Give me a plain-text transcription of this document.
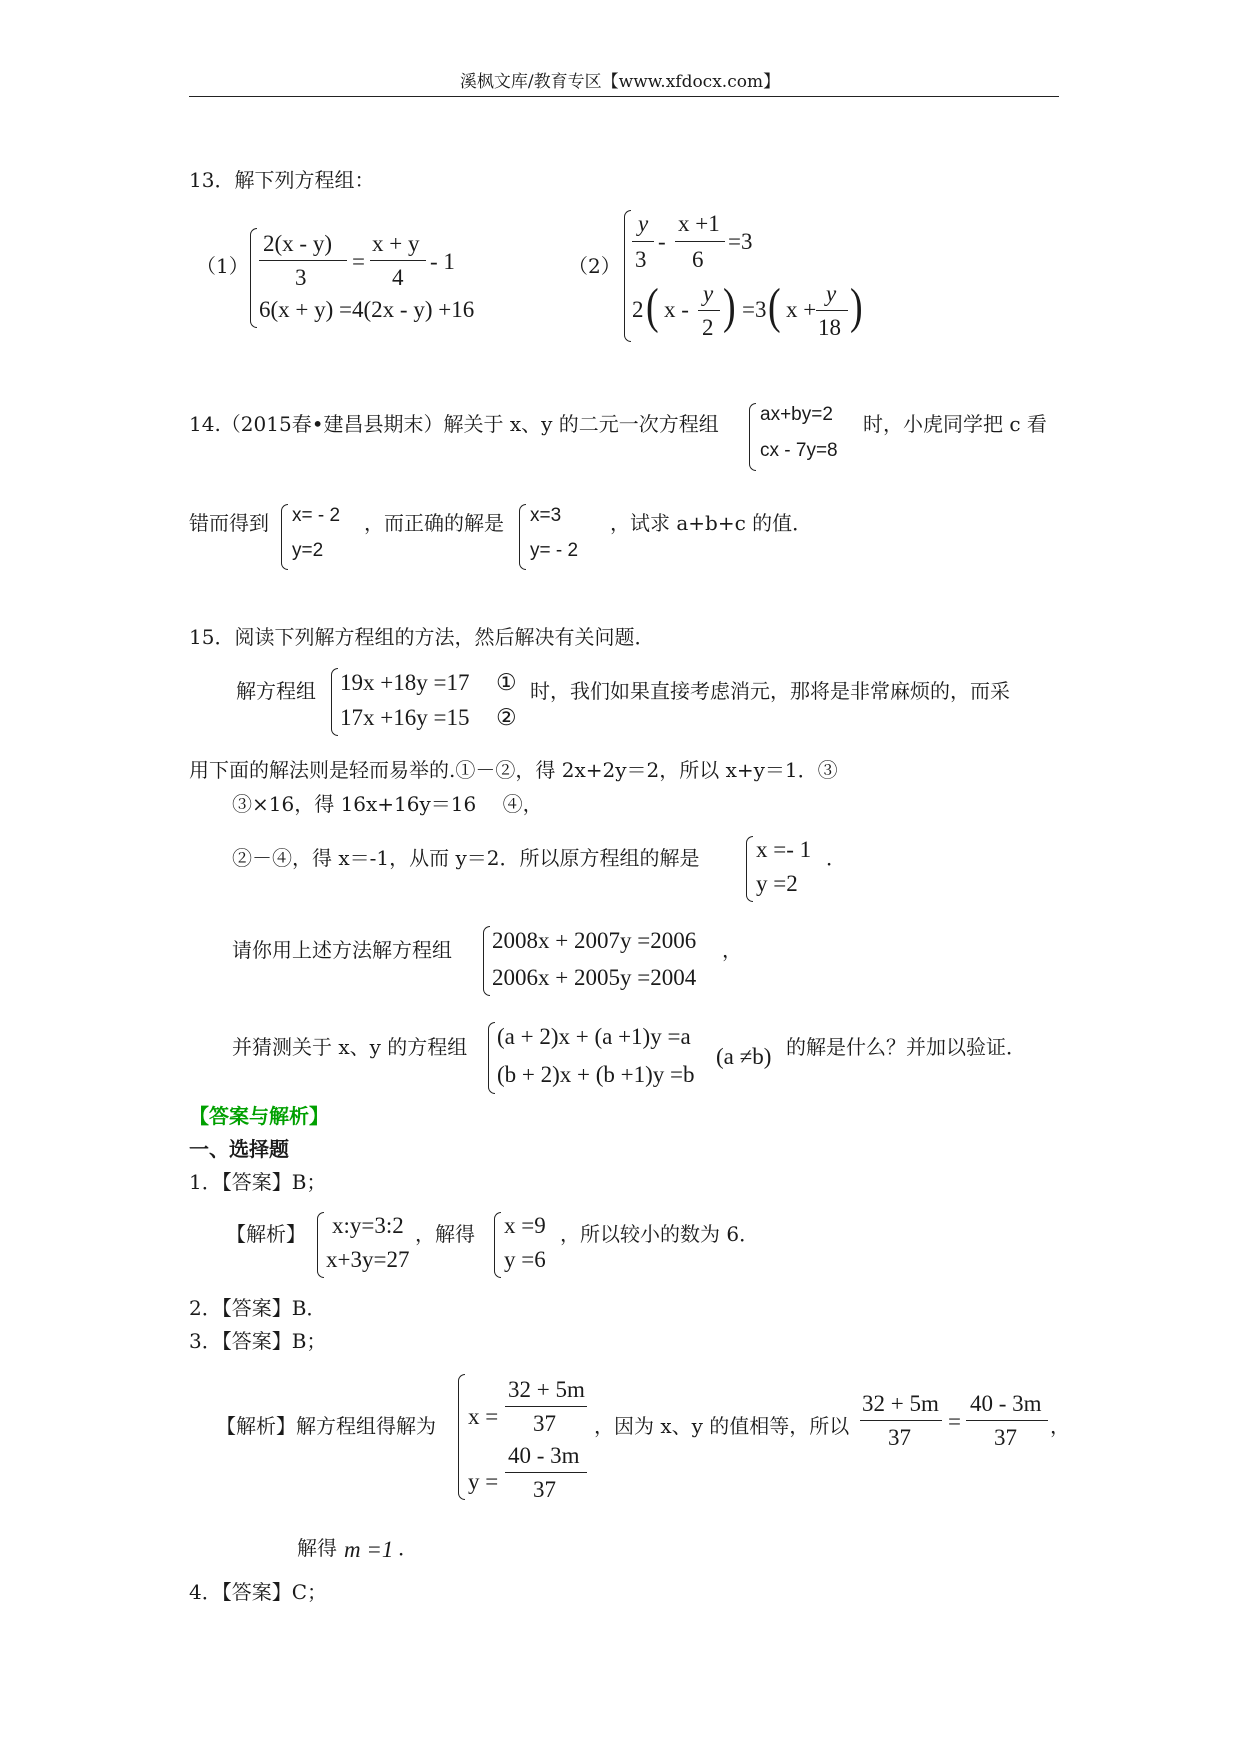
溪枫文库/教育专区【www.xfdocx.com】
13．解下列方程组：
（1）
2(x - y)
3
=
x + y
4
- 1
6(x + y) =4(2x - y) +16
（2）
y
3
-
x +1
6
=3
2 ( x -
y
2 ) =3 ( x +
y
18 )
14.（2015春•建昌县期末）解关于 x、y 的二元一次方程组 ax+by=2
cx - 7y=8
时，小虎同学把 c 看
错而得到 x= - 2
y=2
，而正确的解是 x=3
y= - 2
，试求 a+b+c 的值．
15．阅读下列解方程组的方法，然后解决有关问题．
解方程组 19x +18y =17 ①
17x +16y =15 ②
时，我们如果直接考虑消元，那将是非常麻烦的，而采
用下面的解法则是轻而易举的.①－②，得 2x+2y＝2，所以 x+y＝1．③
③×16，得 16x+16y＝16　 ④，
②－④，得 x＝-1，从而 y＝2．所以原方程组的解是 x =- 1
y =2
．
请你用上述方法解方程组 2008x + 2007y =2006
2006x + 2005y =2004
，
并猜测关于 x、y 的方程组 (a + 2)x + (a +1)y =a
(b + 2)x + (b +1)y =b
(a ≠b) 的解是什么？并加以验证．
【答案与解析】
一、选择题
1．【答案】B；
【解析】 x:y=3:2
x+3y=27
，解得 x =9
y =6
，所以较小的数为 6．
2．【答案】B．
3．【答案】B；
【解析】解方程组得解为 x =
32 + 5m
37
y =
40 - 3m
37
，因为 x、y 的值相等，所以
32 + 5m
37
=
40 - 3m
37 ，
解得 m =1 ．
4．【答案】C；
